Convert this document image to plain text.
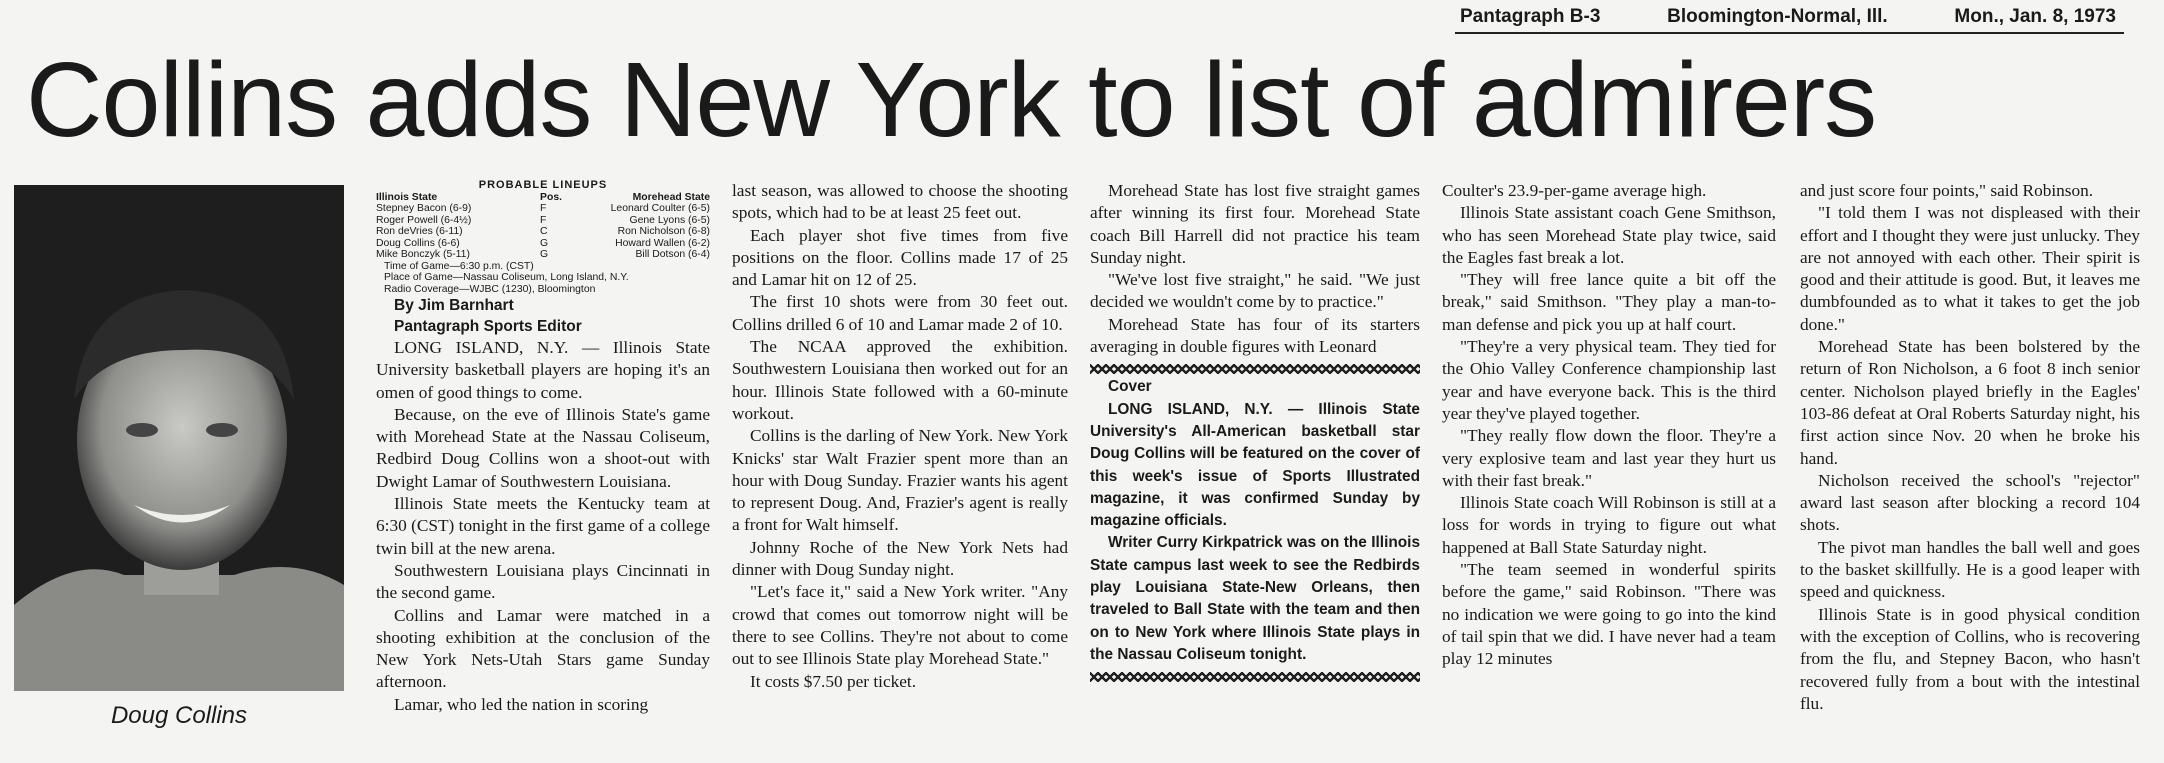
Pantagraph B-3	Bloomington-Normal, Ill.	Mon., Jan. 8, 1973
Collins adds New York to list of admirers
Doug Collins
PROBABLE LINEUPS
Illinois State	Pos.	Morehead State
Stepney Bacon (6-9)	F	Leonard Coulter (6-5)
Roger Powell (6-4½)	F	Gene Lyons (6-5)
Ron deVries (6-11)	C	Ron Nicholson (6-8)
Doug Collins (6-6)	G	Howard Wallen (6-2)
Mike Bonczyk (5-11)	G	Bill Dotson (6-4)

Time of Game—6:30 p.m. (CST)

Place of Game—Nassau Coliseum, Long Island, N.Y.

Radio Coverage—WJBC (1230), Bloomington

By Jim Barnhart

Pantagraph Sports Editor

LONG ISLAND, N.Y. — Illinois State University basketball players are hoping it's an omen of good things to come.

Because, on the eve of Illinois State's game with Morehead State at the Nassau Coliseum, Redbird Doug Collins won a shoot-out with Dwight Lamar of Southwestern Louisiana.

Illinois State meets the Kentucky team at 6:30 (CST) tonight in the first game of a college twin bill at the new arena.

Southwestern Louisiana plays Cincinnati in the second game.

Collins and Lamar were matched in a shooting exhibition at the conclusion of the New York Nets-Utah Stars game Sunday afternoon.

Lamar, who led the nation in scoring

last season, was allowed to choose the shooting spots, which had to be at least 25 feet out.

Each player shot five times from five positions on the floor. Collins made 17 of 25 and Lamar hit on 12 of 25.

The first 10 shots were from 30 feet out. Collins drilled 6 of 10 and Lamar made 2 of 10.

The NCAA approved the exhibition. Southwestern Louisiana then worked out for an hour. Illinois State followed with a 60-minute workout.

Collins is the darling of New York. New York Knicks' star Walt Frazier spent more than an hour with Doug Sunday. Frazier wants his agent to represent Doug. And, Frazier's agent is really a front for Walt himself.

Johnny Roche of the New York Nets had dinner with Doug Sunday night.

"Let's face it," said a New York writer. "Any crowd that comes out tomorrow night will be there to see Collins. They're not about to come out to see Illinois State play Morehead State."

It costs $7.50 per ticket.

Morehead State has lost five straight games after winning its first four. Morehead State coach Bill Harrell did not practice his team Sunday night.

"We've lost five straight," he said. "We just decided we wouldn't come by to practice."

Morehead State has four of its starters averaging in double figures with Leonard

Cover

LONG ISLAND, N.Y. — Illinois State University's All-American basketball star Doug Collins will be featured on the cover of this week's issue of Sports Illustrated magazine, it was confirmed Sunday by magazine officials.

Writer Curry Kirkpatrick was on the Illinois State campus last week to see the Redbirds play Louisiana State-New Orleans, then traveled to Ball State with the team and then on to New York where Illinois State plays in the Nassau Coliseum tonight.

Coulter's 23.9-per-game average high.

Illinois State assistant coach Gene Smithson, who has seen Morehead State play twice, said the Eagles fast break a lot.

"They will free lance quite a bit off the break," said Smithson. "They play a man-to-man defense and pick you up at half court.

"They're a very physical team. They tied for the Ohio Valley Conference championship last year and have everyone back. This is the third year they've played together.

"They really flow down the floor. They're a very explosive team and last year they hurt us with their fast break."

Illinois State coach Will Robinson is still at a loss for words in trying to figure out what happened at Ball State Saturday night.

"The team seemed in wonderful spirits before the game," said Robinson. "There was no indication we were going to go into the kind of tail spin that we did. I have never had a team play 12 minutes

and just score four points," said Robinson.

"I told them I was not displeased with their effort and I thought they were just unlucky. They are not annoyed with each other. Their spirit is good and their attitude is good. But, it leaves me dumbfounded as to what it takes to get the job done."

Morehead State has been bolstered by the return of Ron Nicholson, a 6 foot 8 inch senior center. Nicholson played briefly in the Eagles' 103-86 defeat at Oral Roberts Saturday night, his first action since Nov. 20 when he broke his hand.

Nicholson received the school's "rejector" award last season after blocking a record 104 shots.

The pivot man handles the ball well and goes to the basket skillfully. He is a good leaper with speed and quickness.

Illinois State is in good physical condition with the exception of Collins, who is recovering from the flu, and Stepney Bacon, who hasn't recovered fully from a bout with the intestinal flu.
